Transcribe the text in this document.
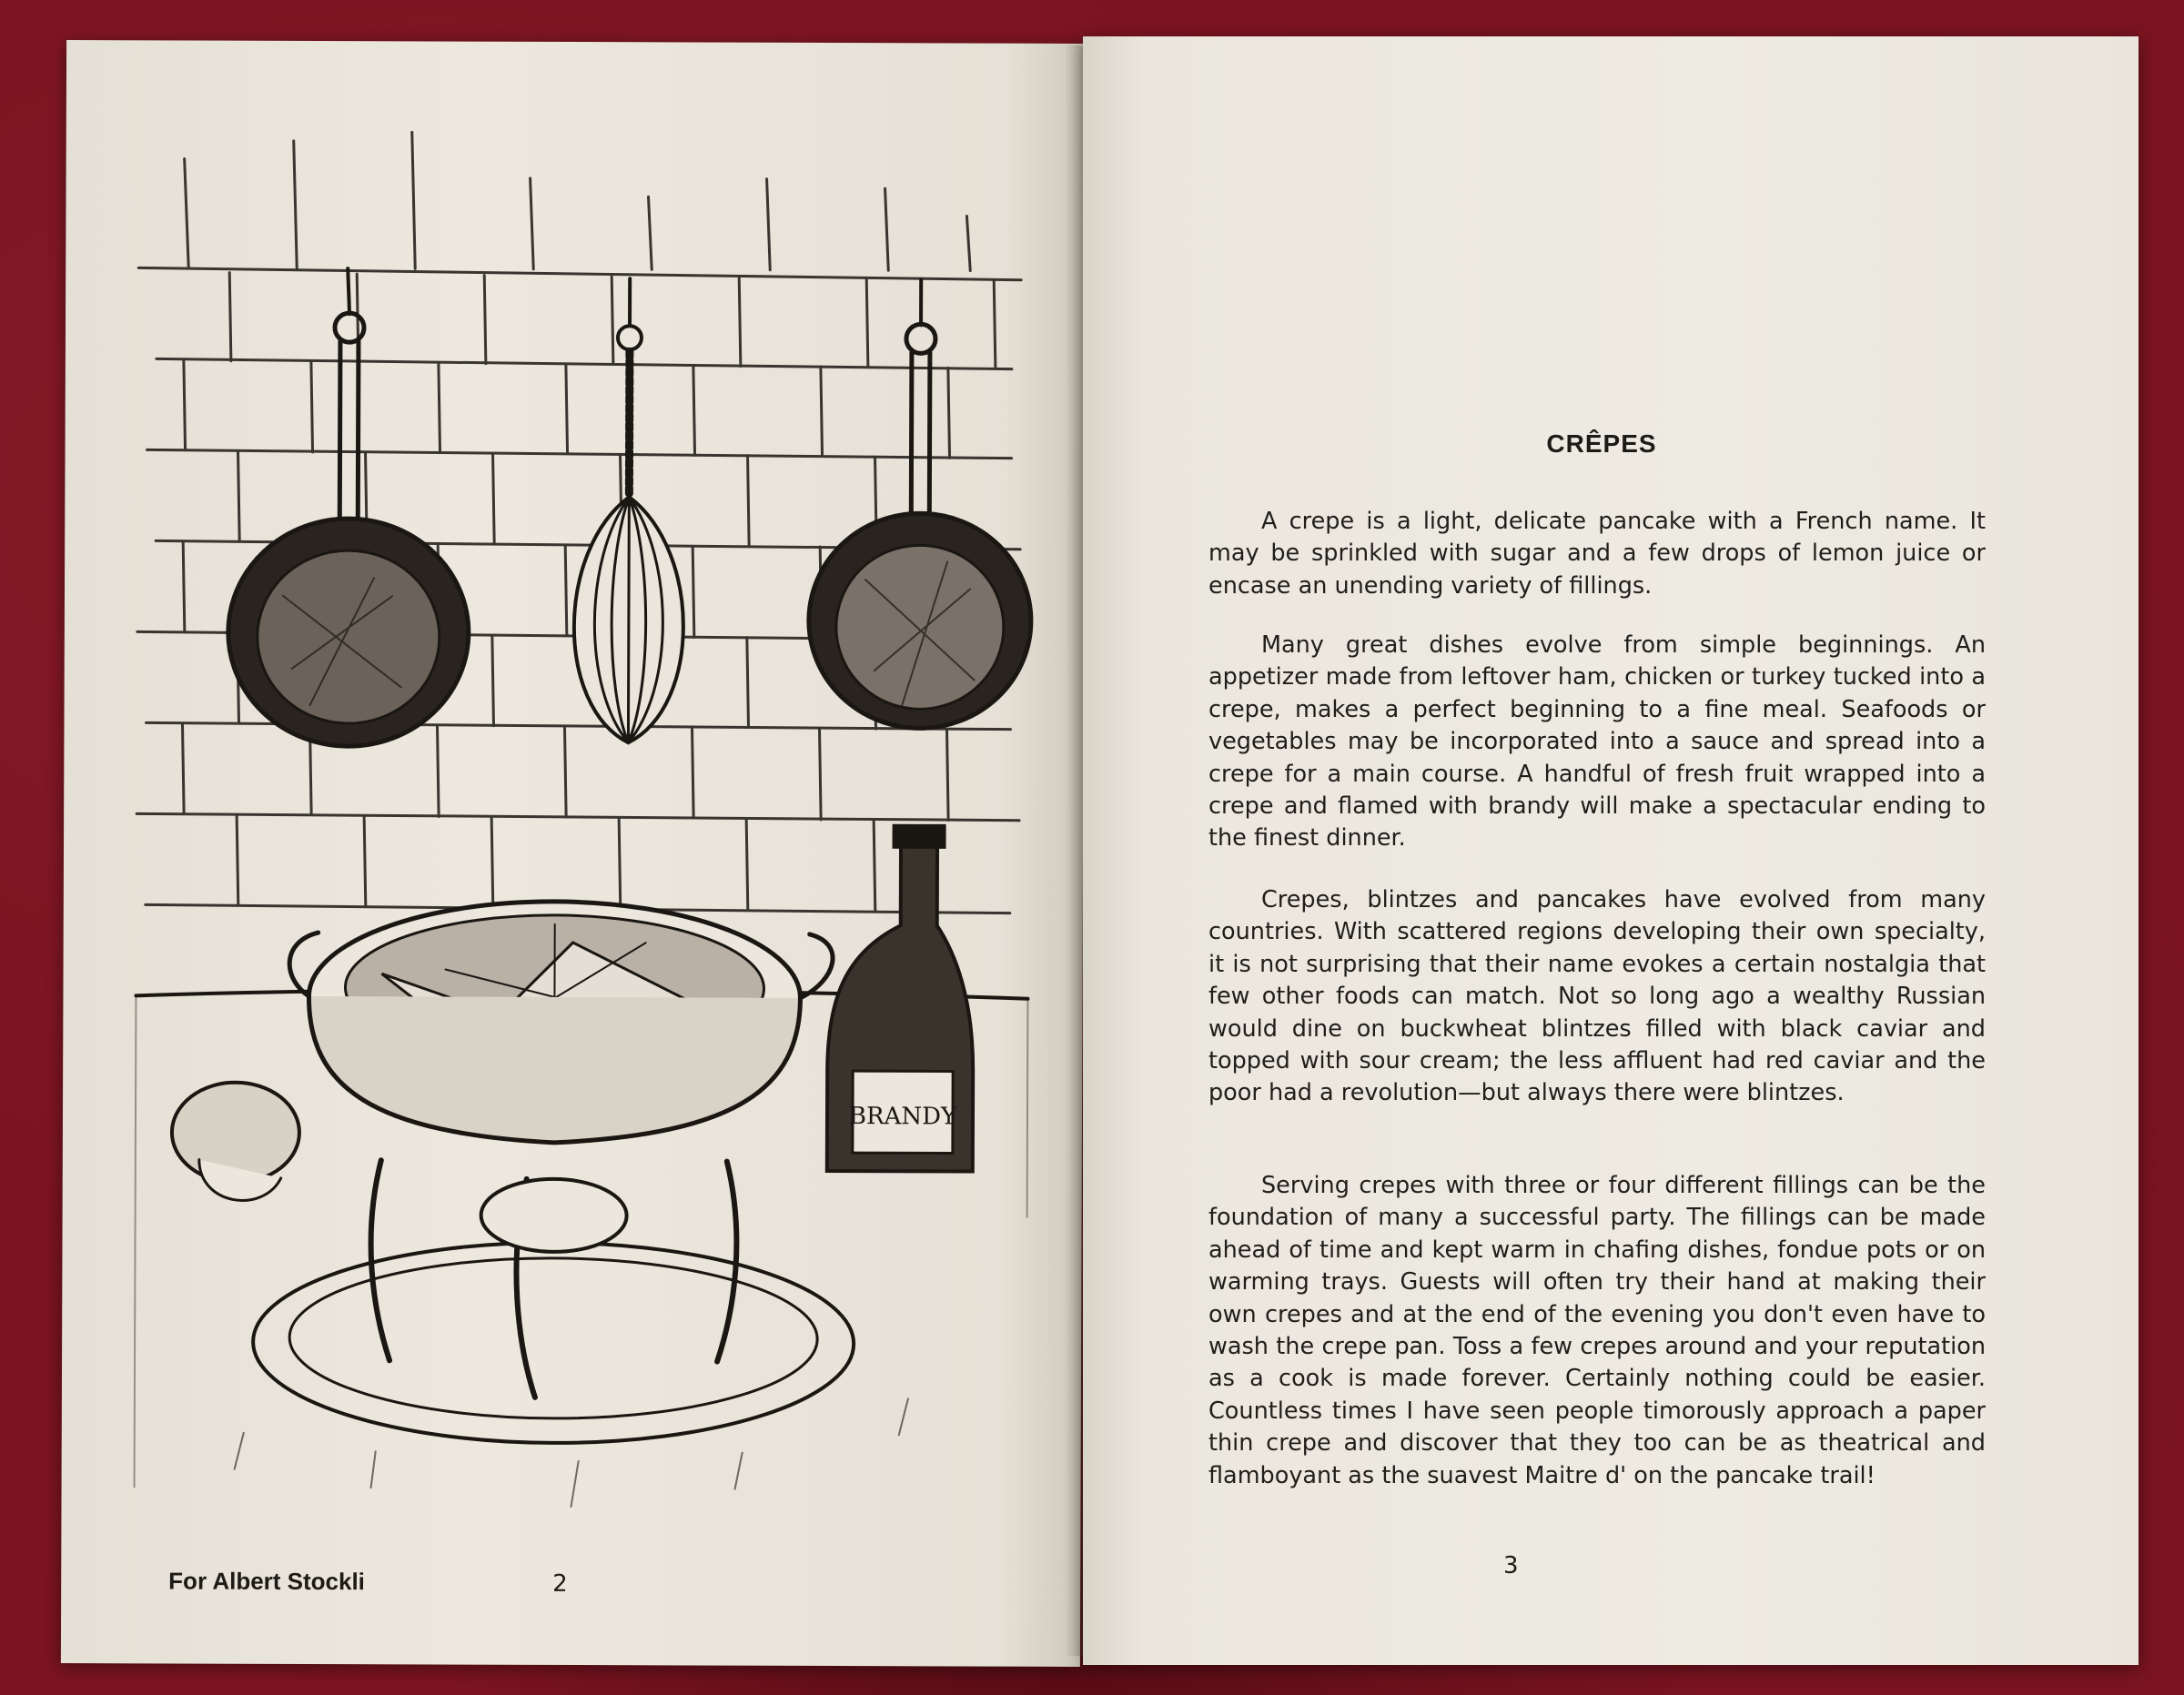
BRANDY
For Albert Stockli	2
CRÊPES

A crepe is a light, delicate pancake with a French name. It may be sprinkled with sugar and a few drops of lemon juice or encase an unending variety of fillings.

Many great dishes evolve from simple beginnings. An appetizer made from leftover ham, chicken or turkey tucked into a crepe, makes a perfect beginning to a fine meal. Seafoods or vegetables may be incorporated into a sauce and spread into a crepe for a main course. A handful of fresh fruit wrapped into a crepe and flamed with brandy will make a spectacular ending to the finest dinner.

Crepes, blintzes and pancakes have evolved from many countries. With scattered regions developing their own specialty, it is not surprising that their name evokes a certain nostalgia that few other foods can match. Not so long ago a wealthy Russian would dine on buckwheat blintzes filled with black caviar and topped with sour cream; the less affluent had red caviar and the poor had a revolution—but always there were blintzes.

Serving crepes with three or four different fillings can be the foundation of many a successful party. The fillings can be made ahead of time and kept warm in chafing dishes, fondue pots or on warming trays. Guests will often try their hand at making their own crepes and at the end of the evening you don't even have to wash the crepe pan. Toss a few crepes around and your reputation as a cook is made forever. Certainly nothing could be easier. Countless times I have seen people timorously approach a paper thin crepe and discover that they too can be as theatrical and flamboyant as the suavest Maitre d' on the pancake trail!

3
